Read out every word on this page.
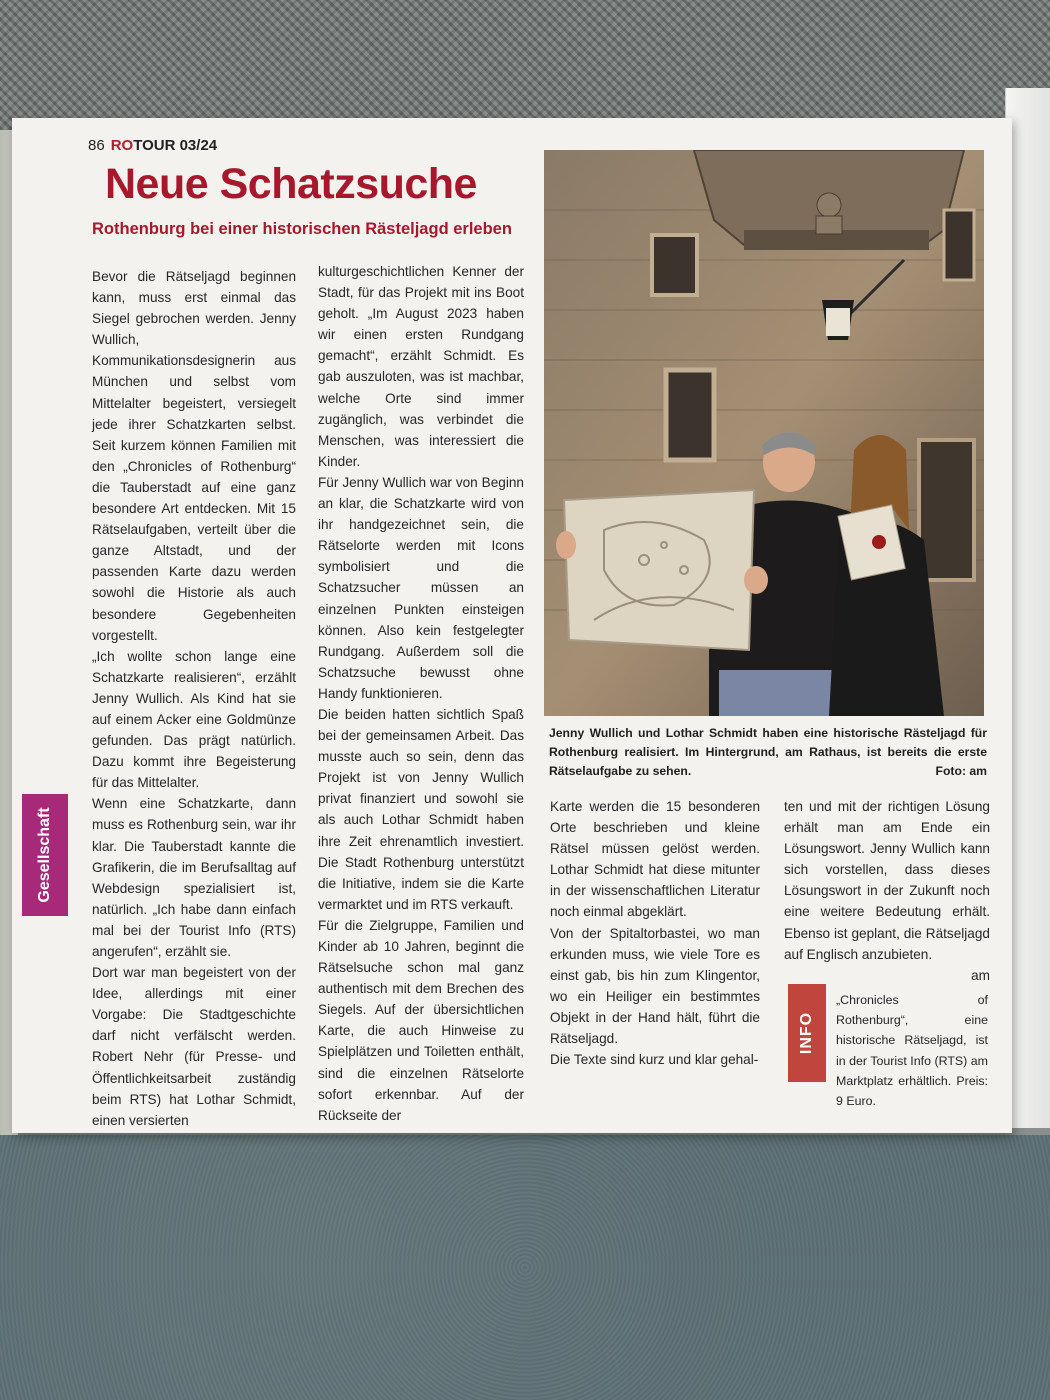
86 ROTOUR 03/24
Neue Schatzsuche
Rothenburg bei einer historischen Rästeljagd erleben

Bevor die Rätseljagd beginnen kann, muss erst einmal das Siegel gebrochen werden. Jenny Wullich, Kommunikationsdesignerin aus München und selbst vom Mittelalter begeistert, versiegelt jede ihrer Schatzkarten selbst. Seit kurzem können Familien mit den „Chronicles of Rothenburg“ die Tauberstadt auf eine ganz besondere Art entdecken. Mit 15 Rätselaufgaben, verteilt über die ganze Altstadt, und der passenden Karte dazu werden sowohl die Historie als auch besondere Gegebenheiten vorgestellt.

„Ich wollte schon lange eine Schatzkarte realisieren“, erzählt Jenny Wullich. Als Kind hat sie auf einem Acker eine Goldmünze gefunden. Das prägt natürlich. Dazu kommt ihre Begeisterung für das Mittelalter.

Wenn eine Schatzkarte, dann muss es Rothenburg sein, war ihr klar. Die Tauberstadt kannte die Grafikerin, die im Berufsalltag auf Webdesign spezialisiert ist, natürlich. „Ich habe dann einfach mal bei der Tourist Info (RTS) angerufen“, erzählt sie.

Dort war man begeistert von der Idee, allerdings mit einer Vorgabe: Die Stadtgeschichte darf nicht verfälscht werden. Robert Nehr (für Presse- und Öffentlichkeitsarbeit zuständig beim RTS) hat Lothar Schmidt, einen versierten

kulturgeschichtlichen Kenner der Stadt, für das Projekt mit ins Boot geholt. „Im August 2023 haben wir einen ersten Rundgang gemacht“, erzählt Schmidt. Es gab auszuloten, was ist machbar, welche Orte sind immer zugänglich, was verbindet die Menschen, was interessiert die Kinder.

Für Jenny Wullich war von Beginn an klar, die Schatzkarte wird von ihr handgezeichnet sein, die Rätselorte werden mit Icons symbolisiert und die Schatzsucher müssen an einzelnen Punkten einsteigen können. Also kein festgelegter Rundgang. Außerdem soll die Schatzsuche bewusst ohne Handy funktionieren.

Die beiden hatten sichtlich Spaß bei der gemeinsamen Arbeit. Das musste auch so sein, denn das Projekt ist von Jenny Wullich privat finanziert und sowohl sie als auch Lothar Schmidt haben ihre Zeit ehrenamtlich investiert. Die Stadt Rothenburg unterstützt die Initiative, indem sie die Karte vermarktet und im RTS verkauft.

Für die Zielgruppe, Familien und Kinder ab 10 Jahren, beginnt die Rätselsuche schon mal ganz authentisch mit dem Brechen des Siegels. Auf der übersichtlichen Karte, die auch Hinweise zu Spielplätzen und Toiletten enthält, sind die einzelnen Rätselorte sofort erkennbar. Auf der Rückseite der

Jenny Wullich und Lothar Schmidt haben eine historische Rästeljagd für Rothenburg realisiert. Im Hintergrund, am Rathaus, ist bereits die erste Rätselaufgabe zu sehen.	Foto: am

Karte werden die 15 besonderen Orte beschrieben und kleine Rätsel müssen gelöst werden. Lothar Schmidt hat diese mitunter in der wissenschaftlichen Literatur noch einmal abgeklärt.

Von der Spitaltorbastei, wo man erkunden muss, wie viele Tore es einst gab, bis hin zum Klingentor, wo ein Heiliger ein bestimmtes Objekt in der Hand hält, führt die Rätseljagd.

Die Texte sind kurz und klar gehal-

ten und mit der richtigen Lösung erhält man am Ende ein Lösungswort. Jenny Wullich kann sich vorstellen, dass dieses Lösungswort in der Zukunft noch eine weitere Bedeutung erhält. Ebenso ist geplant, die Rätseljagd auf Englisch anzubieten.

am

Gesellschaft
INFO
„Chronicles of Rothenburg“, eine historische Rätseljagd, ist in der Tourist Info (RTS) am Marktplatz erhältlich. Preis: 9 Euro.
